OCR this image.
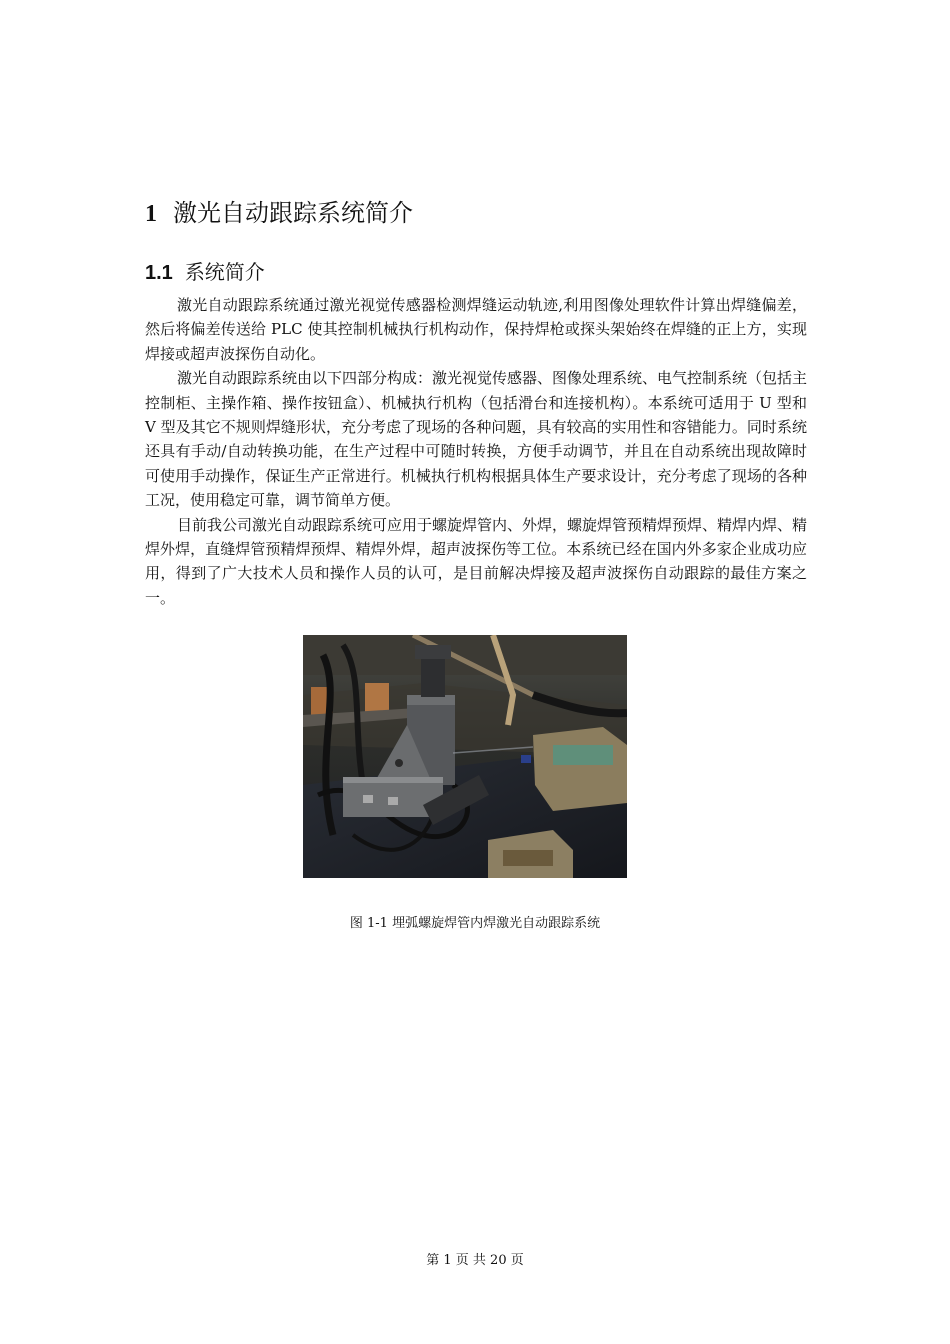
1 激光自动跟踪系统简介
1.1 系统简介

激光自动跟踪系统通过激光视觉传感器检测焊缝运动轨迹,利用图像处理软件计算出焊缝偏差，然后将偏差传送给 PLC 使其控制机械执行机构动作，保持焊枪或探头架始终在焊缝的正上方，实现焊接或超声波探伤自动化。

激光自动跟踪系统由以下四部分构成：激光视觉传感器、图像处理系统、电气控制系统（包括主控制柜、主操作箱、操作按钮盒）、机械执行机构（包括滑台和连接机构）。本系统可适用于 U 型和 V 型及其它不规则焊缝形状，充分考虑了现场的各种问题，具有较高的实用性和容错能力。同时系统还具有手动/自动转换功能，在生产过程中可随时转换，方便手动调节，并且在自动系统出现故障时可使用手动操作，保证生产正常进行。机械执行机构根据具体生产要求设计，充分考虑了现场的各种工况，使用稳定可靠，调节简单方便。

目前我公司激光自动跟踪系统可应用于螺旋焊管内、外焊，螺旋焊管预精焊预焊、精焊内焊、精焊外焊，直缝焊管预精焊预焊、精焊外焊，超声波探伤等工位。本系统已经在国内外多家企业成功应用，得到了广大技术人员和操作人员的认可，是目前解决焊接及超声波探伤自动跟踪的最佳方案之一。

图 1-1 埋弧螺旋焊管内焊激光自动跟踪系统
第 1 页 共 20 页
